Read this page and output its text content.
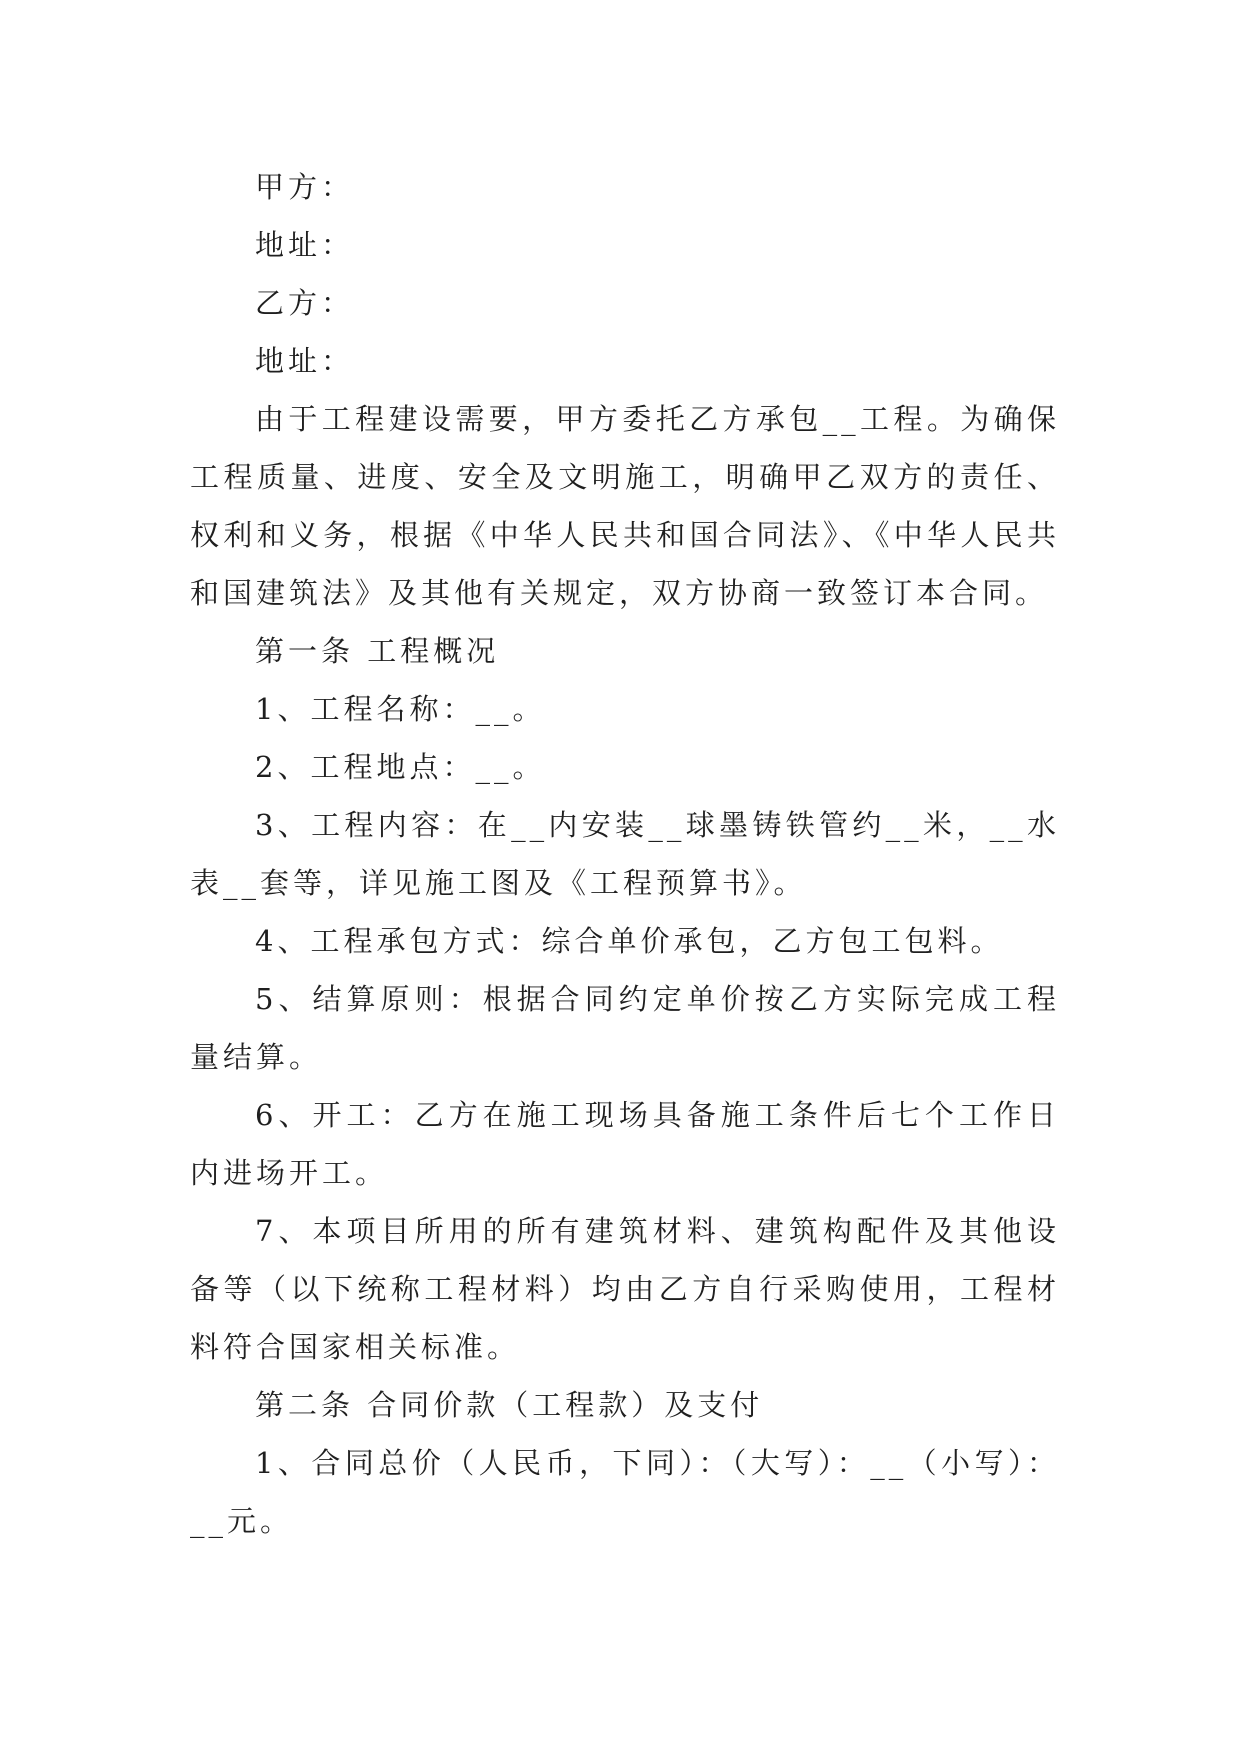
甲方：

地址：

乙方：

地址：

由于工程建设需要，甲方委托乙方承包__工程。为确保工程质量、进度、安全及文明施工，明确甲乙双方的责任、权利和义务，根据《中华人民共和国合同法》、《中华人民共和国建筑法》及其他有关规定，双方协商一致签订本合同。

第一条 工程概况

1、工程名称：__。

2、工程地点：__。

3、工程内容：在__内安装__球墨铸铁管约__米，__水表__套等，详见施工图及《工程预算书》。

4、工程承包方式：综合单价承包，乙方包工包料。

5、结算原则：根据合同约定单价按乙方实际完成工程量结算。

6、开工：乙方在施工现场具备施工条件后七个工作日内进场开工。

7、本项目所用的所有建筑材料、建筑构配件及其他设备等（以下统称工程材料）均由乙方自行采购使用，工程材料符合国家相关标准。

第二条 合同价款（工程款）及支付

1、合同总价（人民币，下同）：（大写）：__（小写）：__元。
